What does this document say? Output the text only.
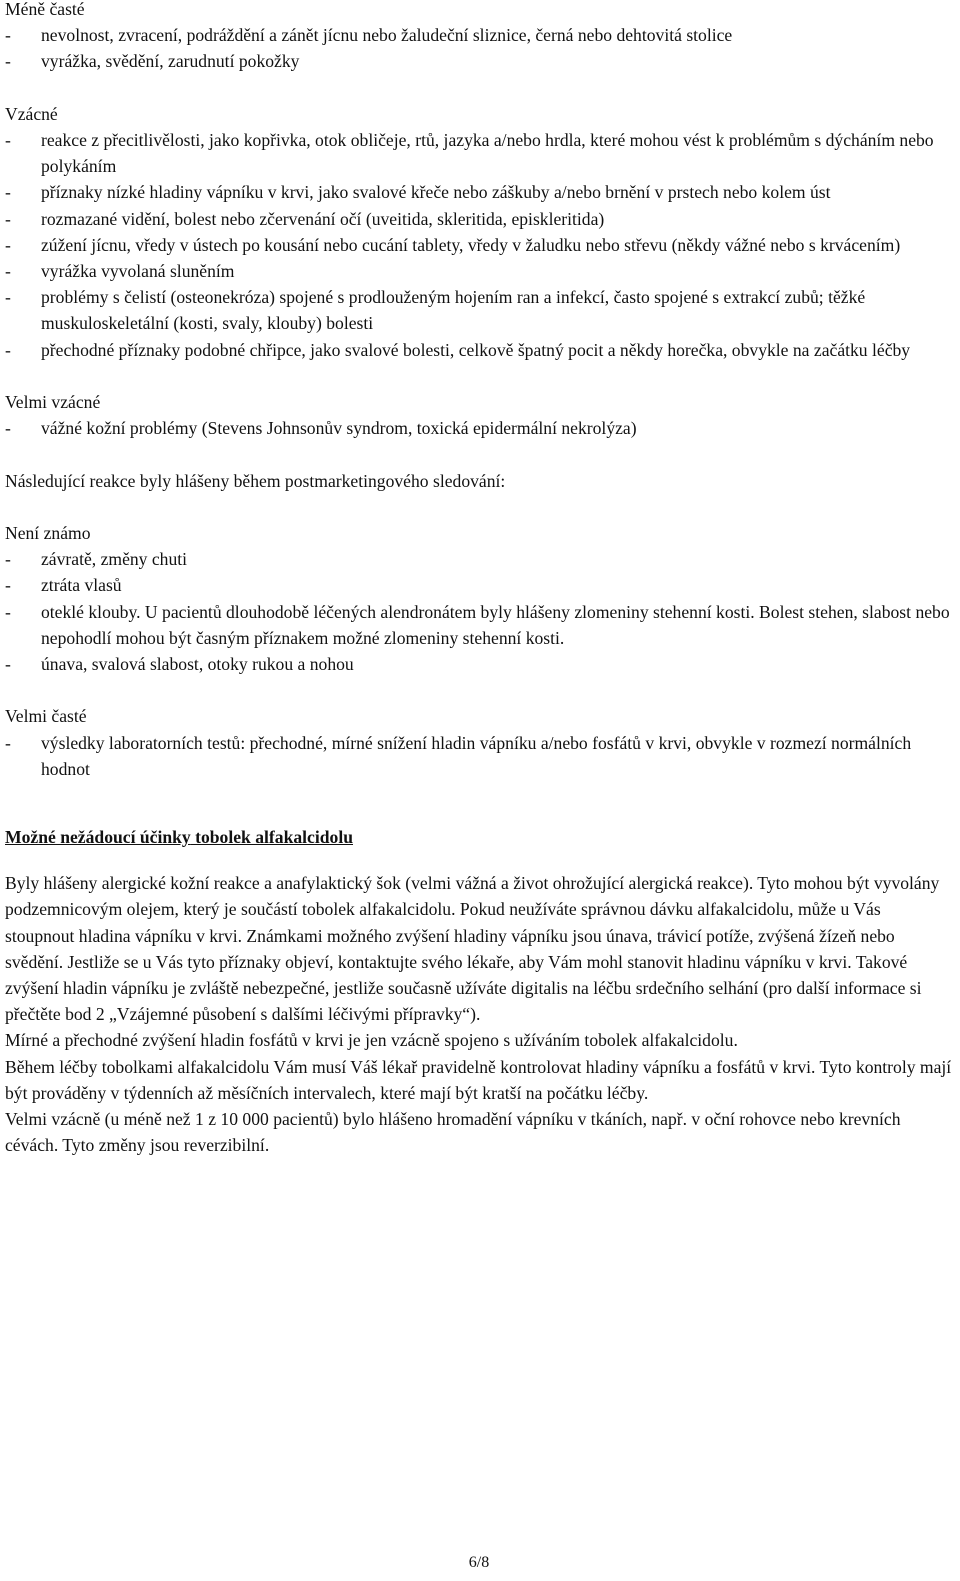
Méně časté

- nevolnost, zvracení, podráždění a zánět jícnu nebo žaludeční sliznice, černá nebo dehtovitá stolice
- vyrážka, svědění, zarudnutí pokožky

Vzácné

- reakce z přecitlivělosti, jako kopřivka, otok obličeje, rtů, jazyka a/nebo hrdla, které mohou vést k problémům s dýcháním nebo polykáním
- příznaky nízké hladiny vápníku v krvi, jako svalové křeče nebo záškuby a/nebo brnění v prstech nebo kolem úst
- rozmazané vidění, bolest nebo zčervenání očí (uveitida, skleritida, episkleritida)
- zúžení jícnu, vředy v ústech po kousání nebo cucání tablety, vředy v žaludku nebo střevu (někdy vážné nebo s krvácením)
- vyrážka vyvolaná sluněním
- problémy s čelistí (osteonekróza) spojené s prodlouženým hojením ran a infekcí, často spojené s extrakcí zubů; těžké muskuloskeletální (kosti, svaly, klouby) bolesti
- přechodné příznaky podobné chřipce, jako svalové bolesti, celkově špatný pocit a někdy horečka, obvykle na začátku léčby

Velmi vzácné

- vážné kožní problémy (Stevens Johnsonův syndrom, toxická epidermální nekrolýza)

Následující reakce byly hlášeny během postmarketingového sledování:

Není známo

- závratě, změny chuti
- ztráta vlasů
- oteklé klouby. U pacientů dlouhodobě léčených alendronátem byly hlášeny zlomeniny stehenní kosti. Bolest stehen, slabost nebo nepohodlí mohou být časným příznakem možné zlomeniny stehenní kosti.
- únava, svalová slabost, otoky rukou a nohou

Velmi časté

- výsledky laboratorních testů: přechodné, mírné snížení hladin vápníku a/nebo fosfátů v krvi, obvykle v rozmezí normálních hodnot

Možné nežádoucí účinky tobolek alfakalcidolu

Byly hlášeny alergické kožní reakce a anafylaktický šok (velmi vážná a život ohrožující alergická reakce). Tyto mohou být vyvolány podzemnicovým olejem, který je součástí tobolek alfakalcidolu. Pokud neužíváte správnou dávku alfakalcidolu, může u Vás stoupnout hladina vápníku v krvi. Známkami možného zvýšení hladiny vápníku jsou únava, trávicí potíže, zvýšená žízeň nebo svědění. Jestliže se u Vás tyto příznaky objeví, kontaktujte svého lékaře, aby Vám mohl stanovit hladinu vápníku v krvi. Takové zvýšení hladin vápníku je zvláště nebezpečné, jestliže současně užíváte digitalis na léčbu srdečního selhání (pro další informace si přečtěte bod 2 „Vzájemné působení s dalšími léčivými přípravky“).

Mírné a přechodné zvýšení hladin fosfátů v krvi je jen vzácně spojeno s užíváním tobolek alfakalcidolu.

Během léčby tobolkami alfakalcidolu Vám musí Váš lékař pravidelně kontrolovat hladiny vápníku a fosfátů v krvi. Tyto kontroly mají být prováděny v týdenních až měsíčních intervalech, které mají být kratší na počátku léčby.

Velmi vzácně (u méně než 1 z 10 000 pacientů) bylo hlášeno hromadění vápníku v tkáních, např. v oční rohovce nebo krevních cévách. Tyto změny jsou reverzibilní.

6/8
